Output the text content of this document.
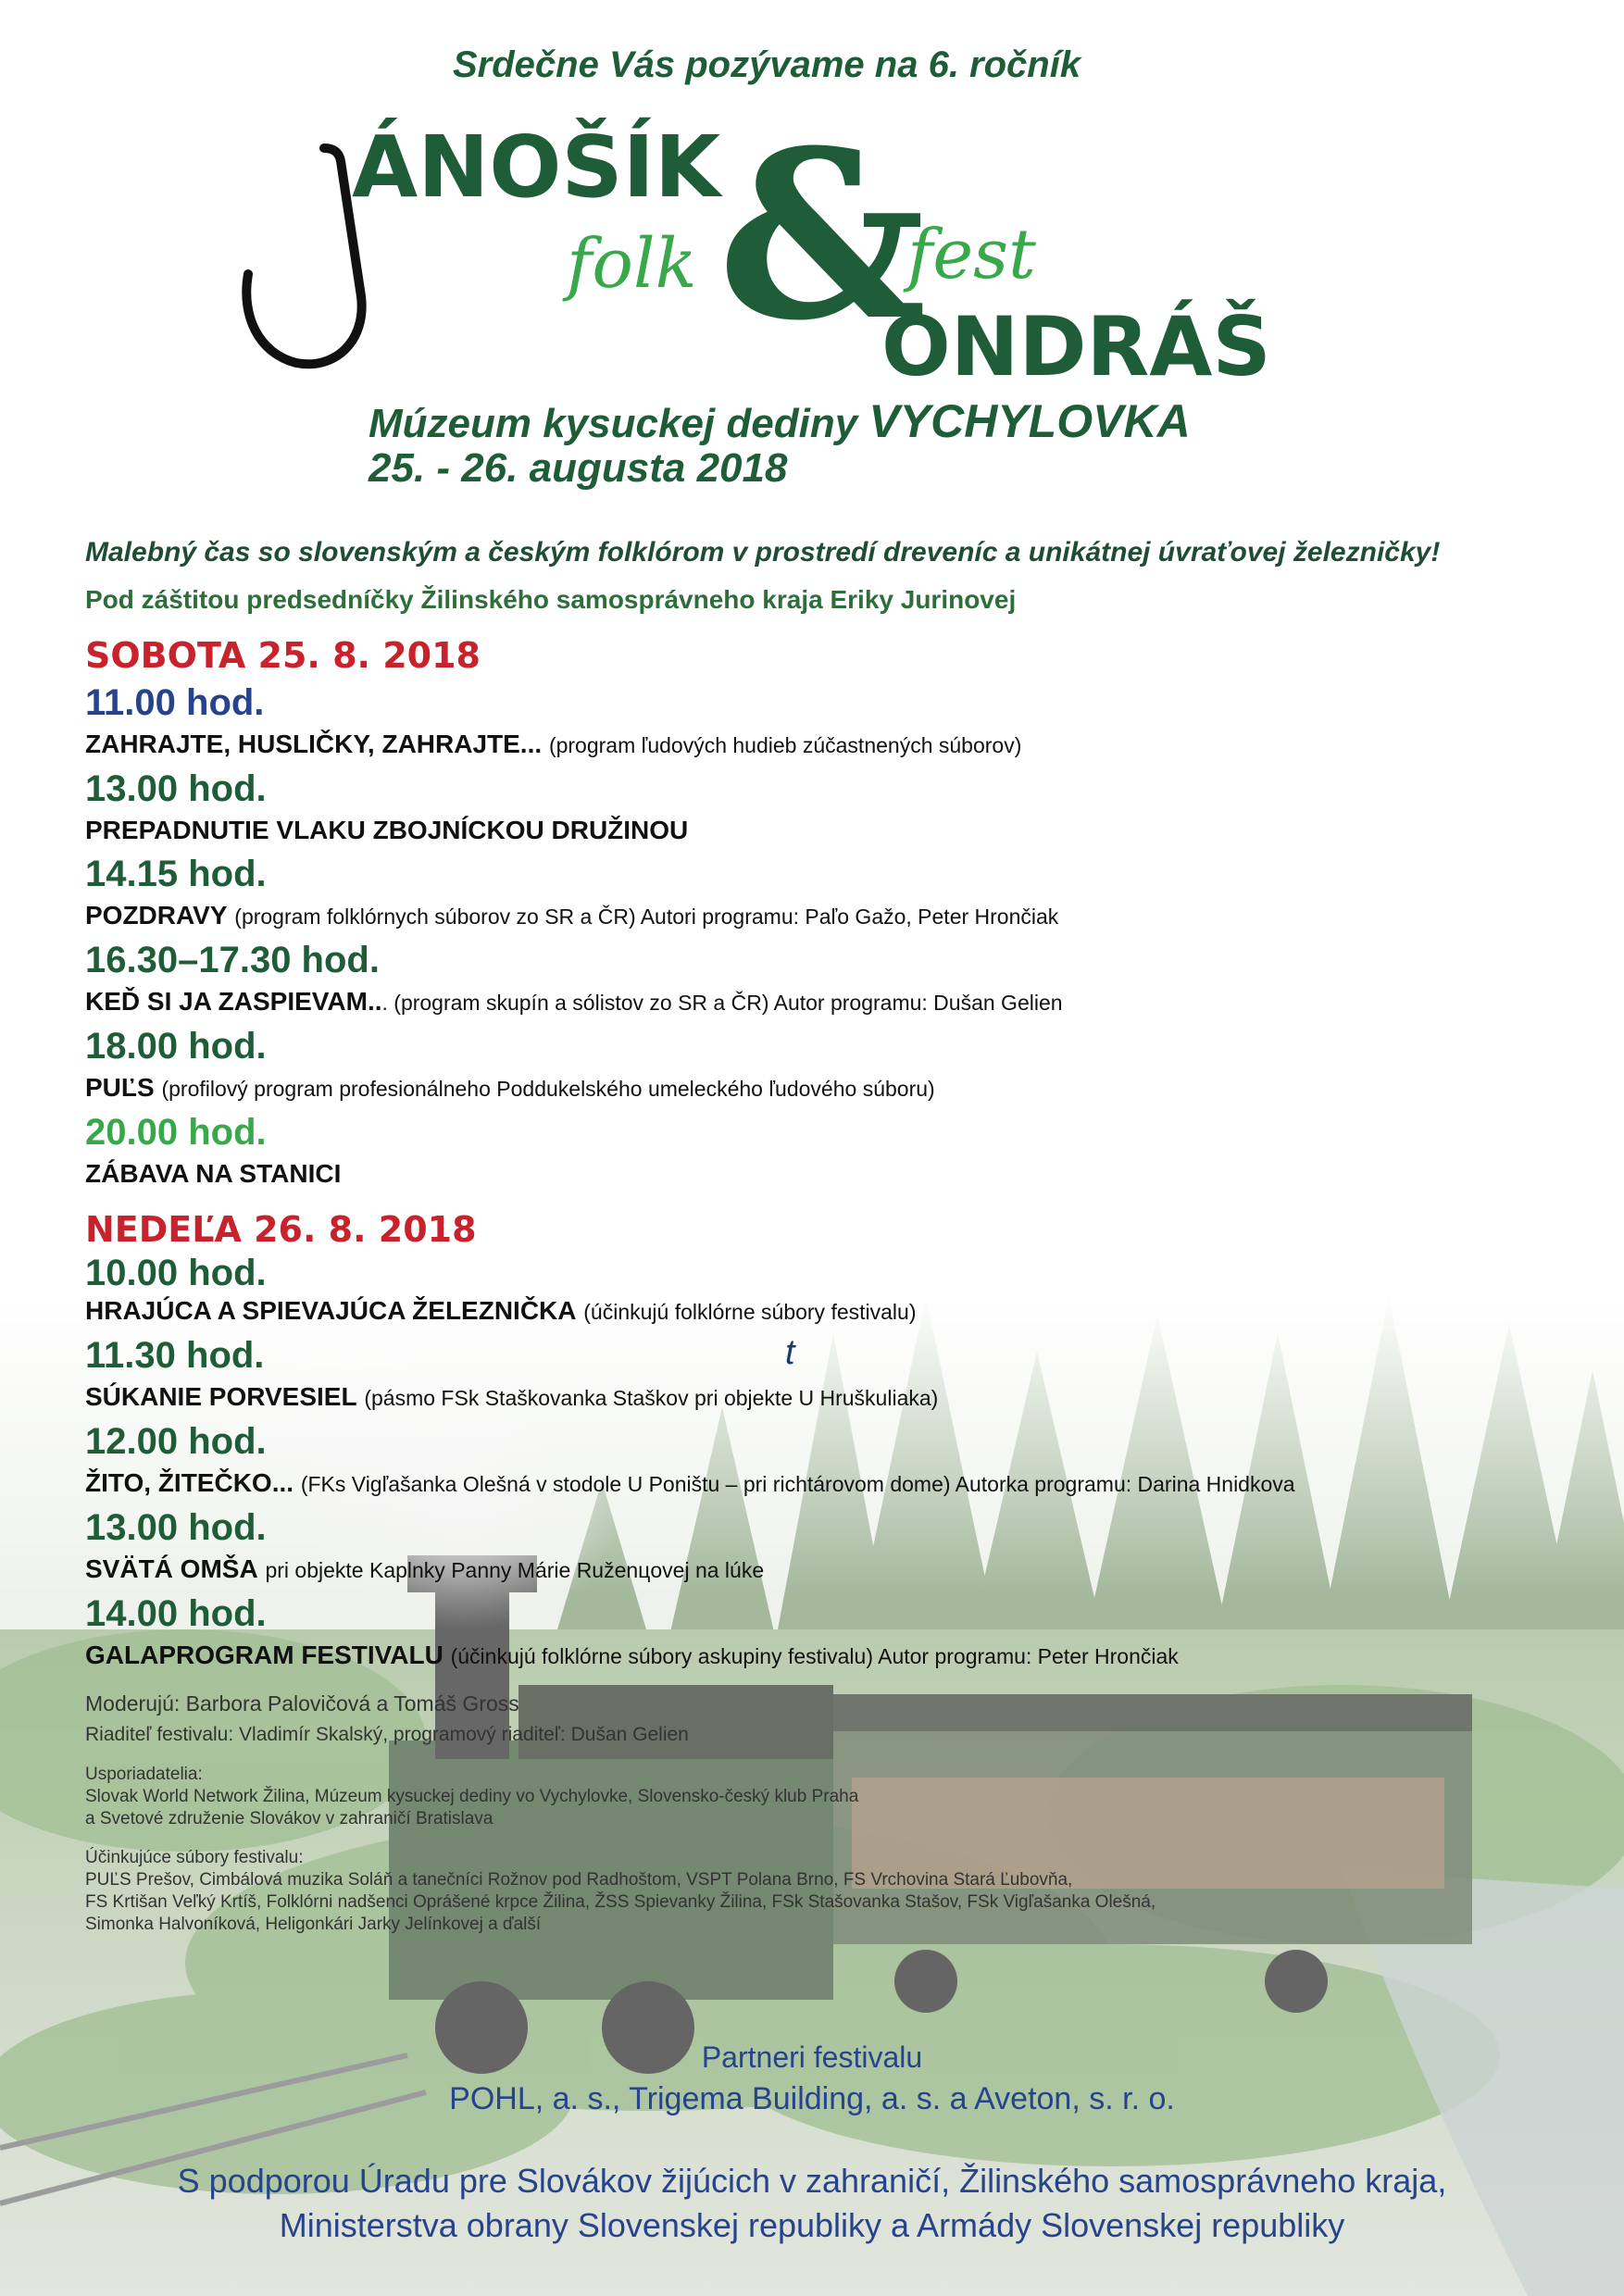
Srdečne Vás pozývame na 6. ročník
ÁNOŠÍK
folk &
fest
ONDRÁŠ
Múzeum kysuckej dediny VYCHYLOVKA
25. - 26. augusta 2018
Malebný čas so slovenským a českým folklórom v prostredí dreveníc a unikátnej úvraťovej železničky!
Pod záštitou predsedníčky Žilinského samosprávneho kraja Eriky Jurinovej
SOBOTA 25. 8. 2018
11.00 hod.
ZAHRAJTE, HUSLIČKY, ZAHRAJTE... (program ľudových hudieb zúčastnených súborov)
13.00 hod.
PREPADNUTIE VLAKU ZBOJNÍCKOU DRUŽINOU
14.15 hod.
POZDRAVY (program folklórnych súborov zo SR a ČR) Autori programu: Paľo Gažo, Peter Hrončiak
16.30–17.30 hod.
KEĎ SI JA ZASPIEVAM... (program skupín a sólistov zo SR a ČR) Autor programu: Dušan Gelien
18.00 hod.
PUĽS (profilový program profesionálneho Poddukelského umeleckého ľudového súboru)
20.00 hod.
ZÁBAVA NA STANICI
NEDEĽA 26. 8. 2018
10.00 hod.
HRAJÚCA A SPIEVAJÚCA ŽELEZNIČKA (účinkujú folklórne súbory festivalu)
11.30 hod.
SÚKANIE PORVESIEL (pásmo FSk Staškovanka Staškov pri objekte U Hruškuliaka)
12.00 hod.
ŽITO, ŽITEČKO... (FKs Vigľašanka Olešná v stodole U Poništu – pri richtárovom dome) Autorka programu: Darina Hnidkova
13.00 hod.
SVÄTÁ OMŠA pri objekte Kaplnky Panny Márie Ruženцovej na lúke
14.00 hod.
GALAPROGRAM FESTIVALU (účinkujú folklórne súbory askupiny festivalu) Autor programu: Peter Hrončiak
Moderujú: Barbora Palovičová a Tomáš Gross
Riaditeľ festivalu: Vladimír Skalský, programový riaditeľ: Dušan Gelien
Usporiadatelia:
Slovak World Network Žilina, Múzeum kysuckej dediny vo Vychylovke, Slovensko-český klub Praha
a Svetové združenie Slovákov v zahraničí Bratislava
Účinkujúce súbory festivalu:
PUĽS Prešov, Cimbálová muzika Soláň a tanečníci Rožnov pod Radhoštom, VSPT Polana Brno, FS Vrchovina Stará Ľubovňa,
FS Krtišan Veľký Krtíš, Folklórni nadšenci Oprášené krpce Žilina, ŽSS Spievanky Žilina, FSk Stašovanka Stašov, FSk Vigľašanka Olešná,
Simonka Halvoníková, Heligonkári Jarky Jelínkovej a ďalší
t
Partneri festivalu
POHL, a. s., Trigema Building, a. s. a Aveton, s. r. o.
S podporou Úradu pre Slovákov žijúcich v zahraničí, Žilinského samosprávneho kraja,
Ministerstva obrany Slovenskej republiky a Armády Slovenskej republiky
